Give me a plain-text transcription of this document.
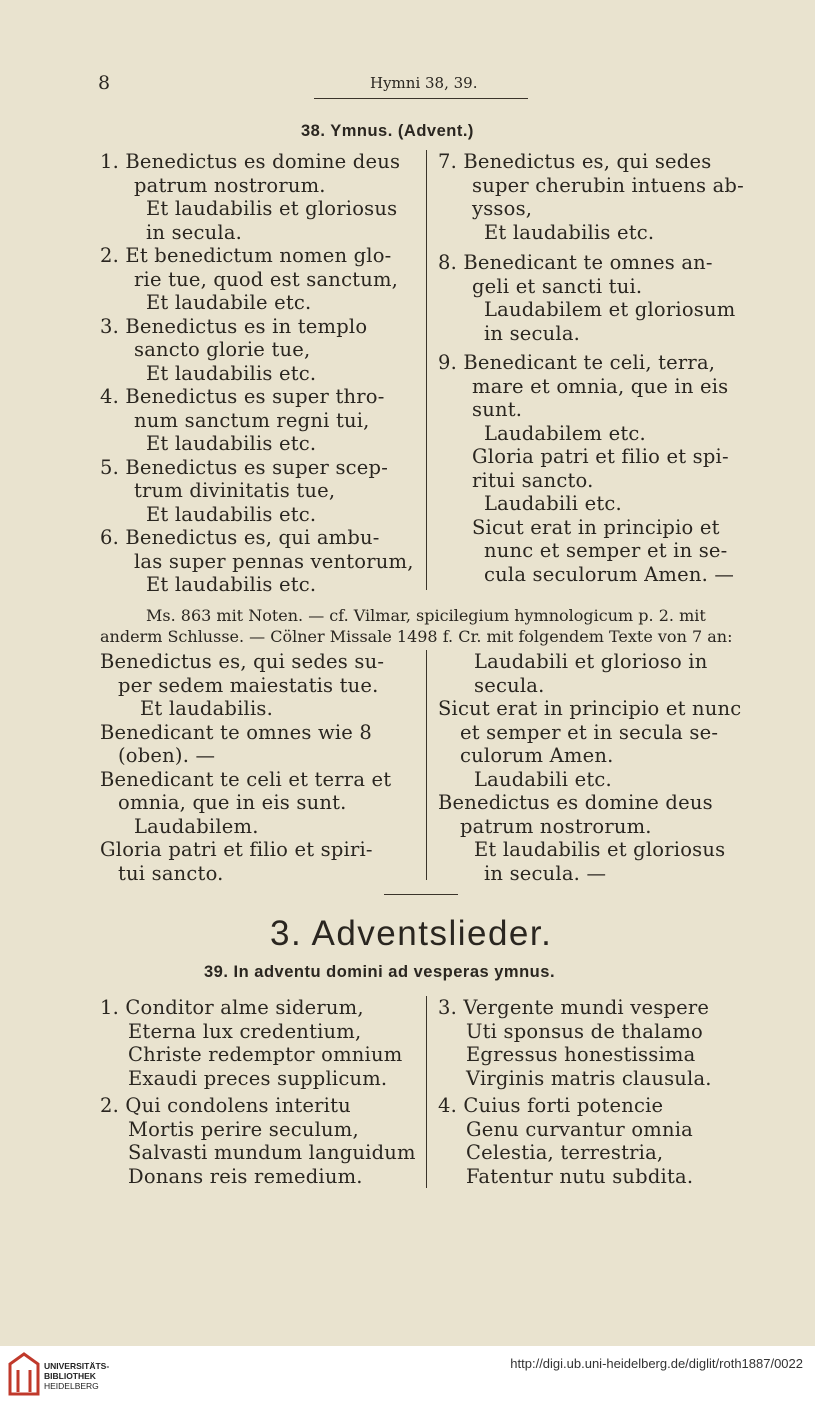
8	Hymni 38, 39.
38. Ymnus. (Advent.)
1. Benedictus es domine deus
patrum nostrorum.
Et laudabilis et gloriosus
in secula.
2. Et benedictum nomen glo-
rie tue, quod est sanctum,
Et laudabile etc.
3. Benedictus es in templo
sancto glorie tue,
Et laudabilis etc.
4. Benedictus es super thro-
num sanctum regni tui,
Et laudabilis etc.
5. Benedictus es super scep-
trum divinitatis tue,
Et laudabilis etc.
6. Benedictus es, qui ambu-
las super pennas ventorum,
Et laudabilis etc.
7. Benedictus es, qui sedes
super cherubin intuens ab-
yssos,
Et laudabilis etc.
8. Benedicant te omnes an-
geli et sancti tui.
Laudabilem et gloriosum
in secula.
9. Benedicant te celi, terra,
mare et omnia, que in eis
sunt.
Laudabilem etc.
Gloria patri et filio et spi-
ritui sancto.
Laudabili etc.
Sicut erat in principio et
nunc et semper et in se-
cula seculorum Amen. —
Ms. 863 mit Noten. — cf. Vilmar, spicilegium hymnologicum p. 2. mit
anderm Schlusse. — Cölner Missale 1498 f. Cr. mit folgendem Texte von 7 an:
Benedictus es, qui sedes su-
per sedem maiestatis tue.
Et laudabilis.
Benedicant te omnes wie 8
(oben). —
Benedicant te celi et terra et
omnia, que in eis sunt.
Laudabilem.
Gloria patri et filio et spiri-
tui sancto.
Laudabili et glorioso in
secula.
Sicut erat in principio et nunc
et semper et in secula se-
culorum Amen.
Laudabili etc.
Benedictus es domine deus
patrum nostrorum.
Et laudabilis et gloriosus
in secula. —
3. Adventslieder.
39. In adventu domini ad vesperas ymnus.
1. Conditor alme siderum,
Eterna lux credentium,
Christe redemptor omnium
Exaudi preces supplicum.
2. Qui condolens interitu
Mortis perire seculum,
Salvasti mundum languidum
Donans reis remedium.
3. Vergente mundi vespere
Uti sponsus de thalamo
Egressus honestissima
Virginis matris clausula.
4. Cuius forti potencie
Genu curvantur omnia
Celestia, terrestria,
Fatentur nutu subdita.
UNIVERSITÄTS-
BIBLIOTHEK
HEIDELBERG
http://digi.ub.uni-heidelberg.de/diglit/roth1887/0022
